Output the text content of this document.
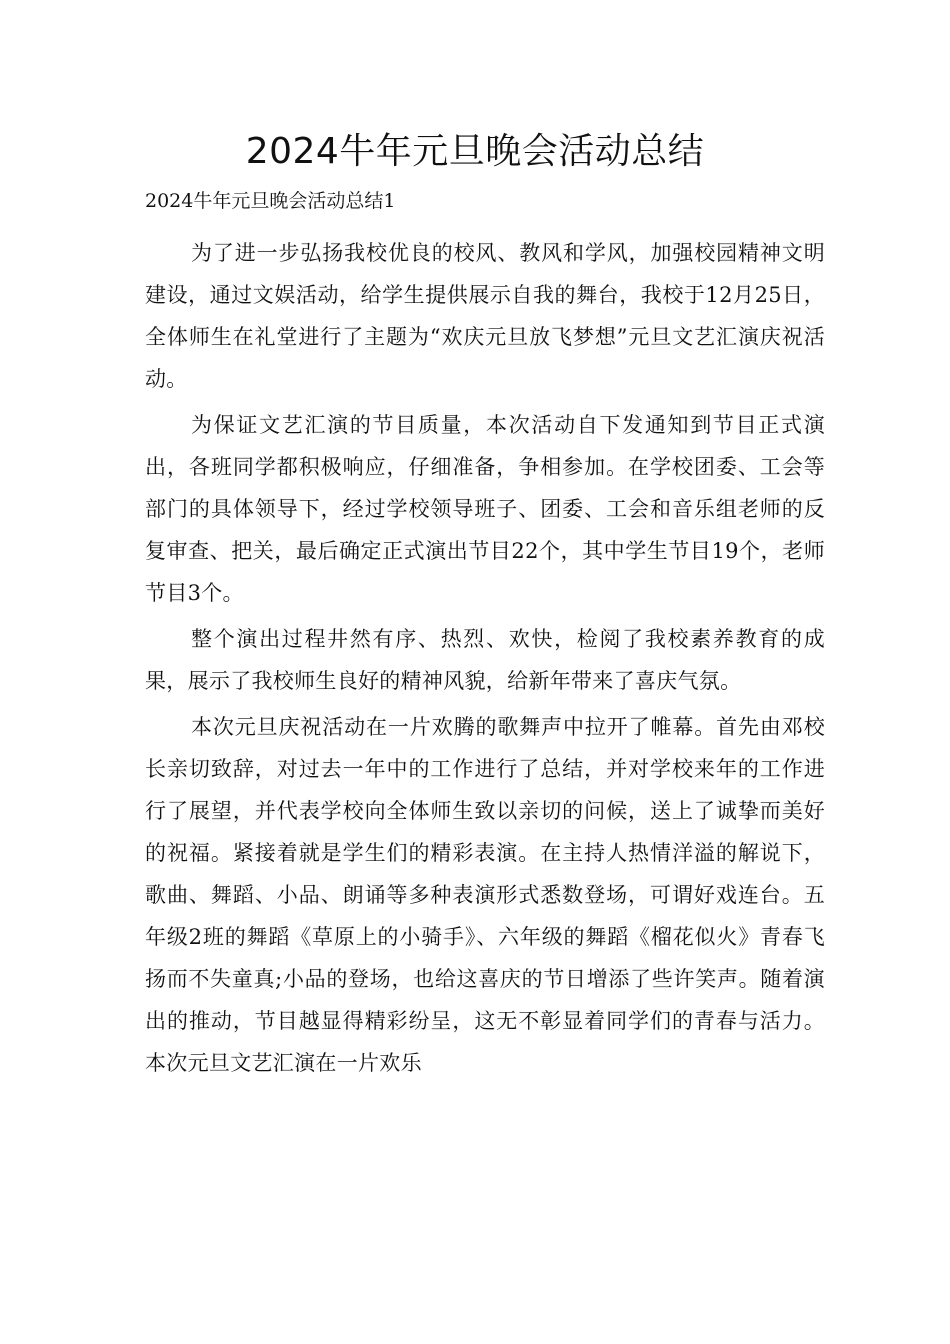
2024牛年元旦晚会活动总结

2024牛年元旦晚会活动总结1

为了进一步弘扬我校优良的校风、教风和学风，加强校园精神文明建设，通过文娱活动，给学生提供展示自我的舞台，我校于12月25日，全体师生在礼堂进行了主题为“欢庆元旦放飞梦想”元旦文艺汇演庆祝活动。

为保证文艺汇演的节目质量，本次活动自下发通知到节目正式演出，各班同学都积极响应，仔细准备，争相参加。在学校团委、工会等部门的具体领导下，经过学校领导班子、团委、工会和音乐组老师的反复审查、把关，最后确定正式演出节目22个，其中学生节目19个，老师节目3个。

整个演出过程井然有序、热烈、欢快，检阅了我校素养教育的成果，展示了我校师生良好的精神风貌，给新年带来了喜庆气氛。

本次元旦庆祝活动在一片欢腾的歌舞声中拉开了帷幕。首先由邓校长亲切致辞，对过去一年中的工作进行了总结，并对学校来年的工作进行了展望，并代表学校向全体师生致以亲切的问候，送上了诚挚而美好的祝福。紧接着就是学生们的精彩表演。在主持人热情洋溢的解说下，歌曲、舞蹈、小品、朗诵等多种表演形式悉数登场，可谓好戏连台。五年级2班的舞蹈《草原上的小骑手》、六年级的舞蹈《榴花似火》青春飞扬而不失童真;小品的登场，也给这喜庆的节日增添了些许笑声。随着演出的推动，节目越显得精彩纷呈，这无不彰显着同学们的青春与活力。本次元旦文艺汇演在一片欢乐
